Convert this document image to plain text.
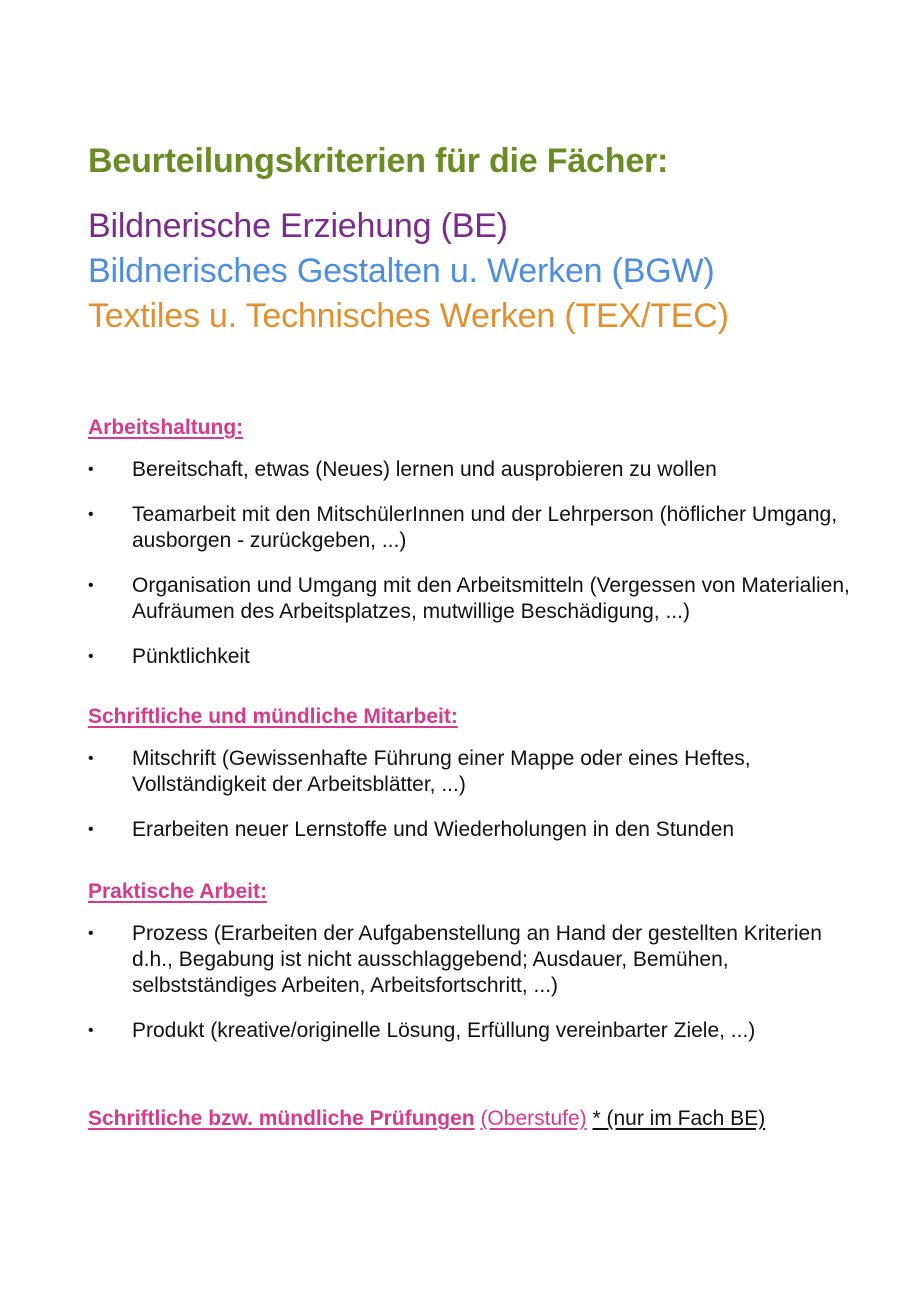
Beurteilungskriterien für die Fächer:

Bildnerische Erziehung (BE)

Bildnerisches Gestalten u. Werken (BGW)

Textiles u. Technisches Werken (TEX/TEC)

Arbeitshaltung:
•	Bereitschaft, etwas (Neues) lernen und ausprobieren zu wollen
•	Teamarbeit mit den MitschülerInnen und der Lehrperson (höflicher Umgang, ausborgen - zurückgeben, ...)
•	Organisation und Umgang mit den Arbeitsmitteln (Vergessen von Materialien, Aufräumen des Arbeitsplatzes, mutwillige Beschädigung, ...)
•	Pünktlichkeit
Schriftliche und mündliche Mitarbeit:
•	Mitschrift (Gewissenhafte Führung einer Mappe oder eines Heftes, Vollständigkeit der Arbeitsblätter, ...)
•	Erarbeiten neuer Lernstoffe und Wiederholungen in den Stunden
Praktische Arbeit:
•	Prozess (Erarbeiten der Aufgabenstellung an Hand der gestellten Kriterien d.h., Begabung ist nicht ausschlaggebend; Ausdauer, Bemühen, selbstständiges Arbeiten, Arbeitsfortschritt, ...)
•	Produkt (kreative/originelle Lösung, Erfüllung vereinbarter Ziele, ...)
Schriftliche bzw. mündliche Prüfungen (Oberstufe) * (nur im Fach BE)
